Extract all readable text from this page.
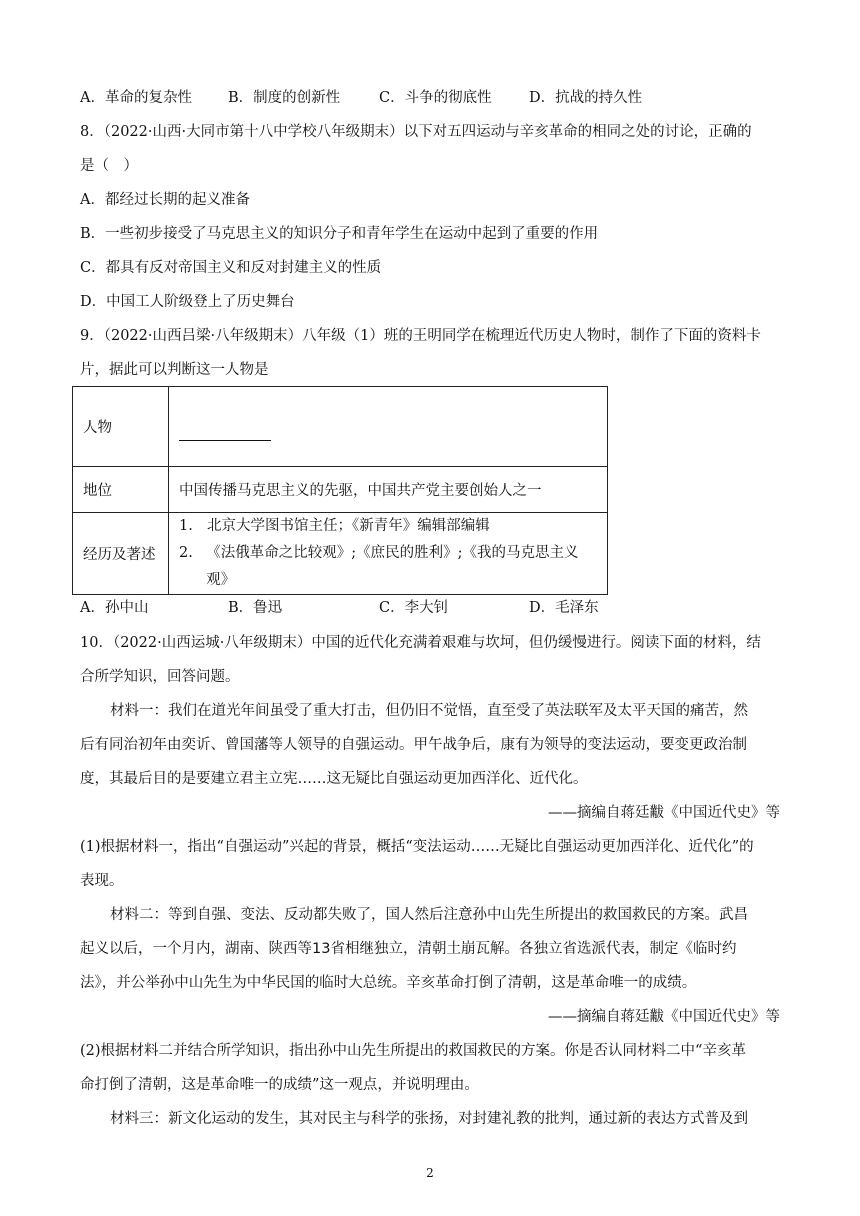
A．革命的复杂性	B．制度的创新性	C．斗争的彻底性	D．抗战的持久性
8．（2022·山西·大同市第十八中学校八年级期末）以下对五四运动与辛亥革命的相同之处的讨论，正确的
是（　）
A．都经过长期的起义准备
B．一些初步接受了马克思主义的知识分子和青年学生在运动中起到了重要的作用
C．都具有反对帝国主义和反对封建主义的性质
D．中国工人阶级登上了历史舞台
9．（2022·山西吕梁·八年级期末）八年级（1）班的王明同学在梳理近代历史人物时，制作了下面的资料卡
片，据此可以判断这一人物是
人物	

地位	中国传播马克思主义的先驱，中国共产党主要创始人之一
经历及著述	1. 北京大学图书馆主任；《新青年》编辑部编辑
2. 《法俄革命之比较观》;《庶民的胜利》;《我的马克思主义观》
A．孙中山	B．鲁迅	C．李大钊	D．毛泽东
10．（2022·山西运城·八年级期末）中国的近代化充满着艰难与坎坷，但仍缓慢进行。阅读下面的材料，结
合所学知识，回答问题。
材料一：我们在道光年间虽受了重大打击，但仍旧不觉悟，直至受了英法联军及太平天国的痛苦，然
后有同治初年由奕䜣、曾国藩等人领导的自强运动。甲午战争后，康有为领导的变法运动，要变更政治制
度，其最后目的是要建立君主立宪……这无疑比自强运动更加西洋化、近代化。
——摘编自蒋廷黻《中国近代史》等
(1)根据材料一，指出“自强运动”兴起的背景，概括“变法运动……无疑比自强运动更加西洋化、近代化”的
表现。
材料二：等到自强、变法、反动都失败了，国人然后注意孙中山先生所提出的救国救民的方案。武昌
起义以后，一个月内，湖南、陕西等13省相继独立，清朝土崩瓦解。各独立省选派代表，制定《临时约
法》，并公举孙中山先生为中华民国的临时大总统。辛亥革命打倒了清朝，这是革命唯一的成绩。
——摘编自蒋廷黻《中国近代史》等
(2)根据材料二并结合所学知识，指出孙中山先生所提出的救国救民的方案。你是否认同材料二中“辛亥革
命打倒了清朝，这是革命唯一的成绩”这一观点，并说明理由。
材料三：新文化运动的发生，其对民主与科学的张扬，对封建礼教的批判，通过新的表达方式普及到
2
